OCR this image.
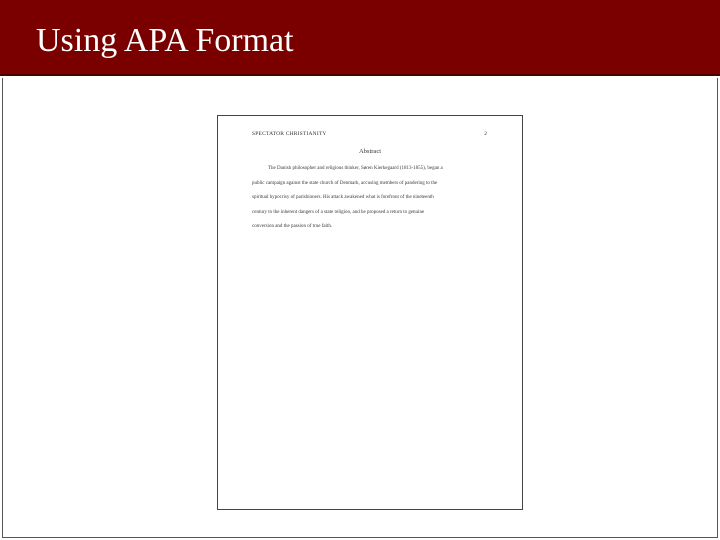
Using APA Format
SPECTATOR CHRISTIANITY	2
Abstract
The Danish philosopher and religious thinker, Søren Kierkegaard (1813-1855), began a
public campaign against the state church of Denmark, accusing members of pandering to the
spiritual hypocrisy of parishioners. His attack awakened what is forefront of the nineteenth
century to the inherent dangers of a state religion, and he proposed a return to genuine
conversion and the passion of true faith.
